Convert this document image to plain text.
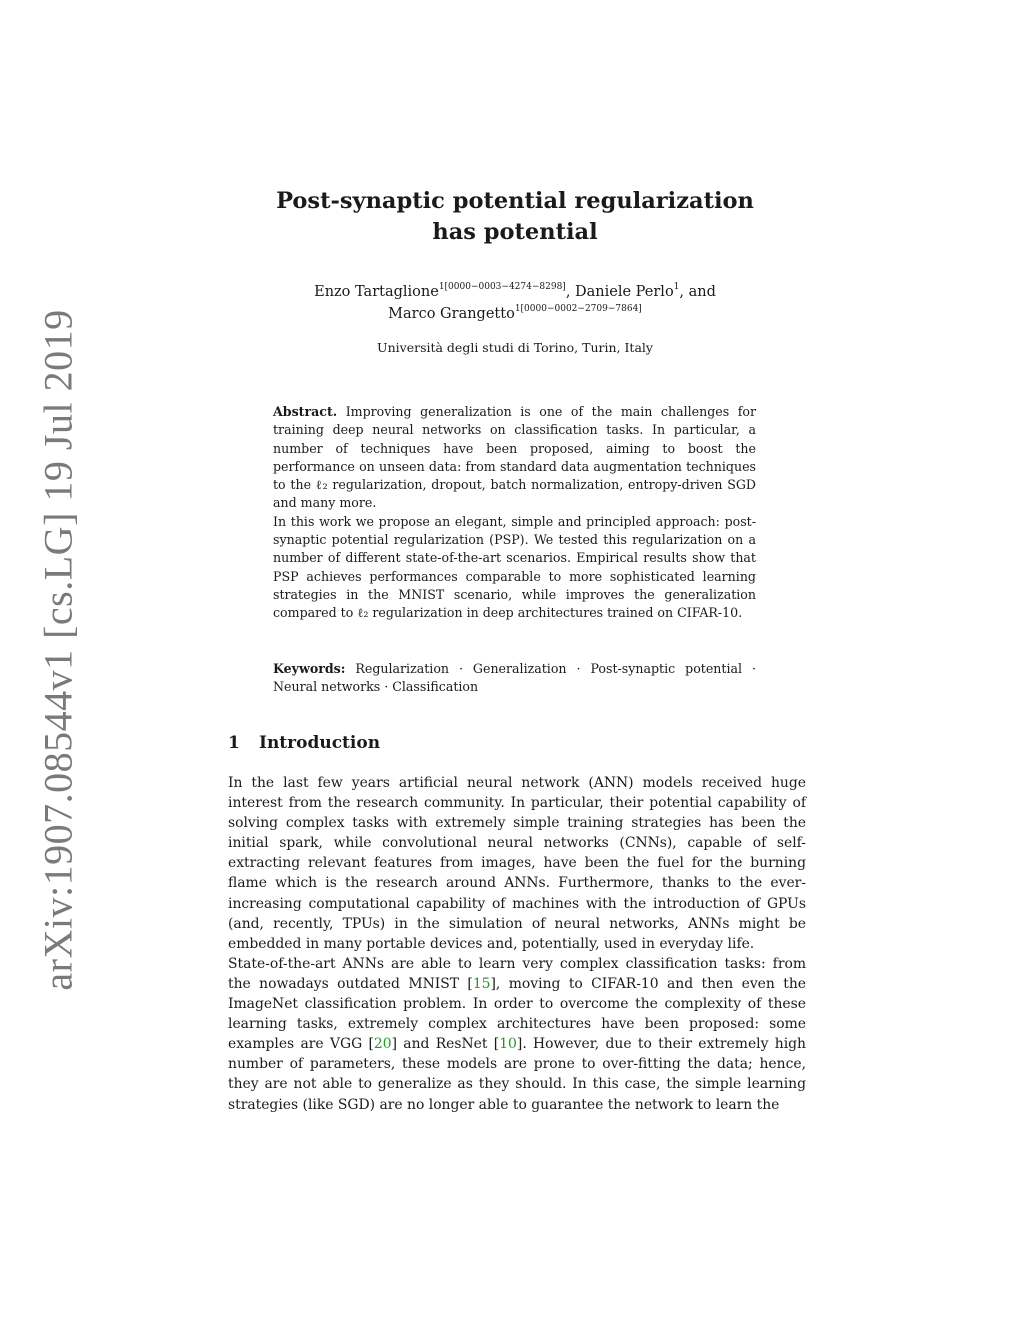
arXiv:1907.08544v1 [cs.LG] 19 Jul 2019
Post-synaptic potential regularization
has potential
Enzo Tartaglione$^{1[0000-0003-4274-8298]}$, Daniele Perlo$^1$, and
Marco Grangetto$^{1[0000-0002-2709-7864]}$
Università degli studi di Torino, Turin, Italy

Abstract. Improving generalization is one of the main challenges for training deep neural networks on classification tasks. In particular, a number of techniques have been proposed, aiming to boost the performance on unseen data: from standard data augmentation techniques to the ℓ₂ regularization, dropout, batch normalization, entropy-driven SGD and many more.

In this work we propose an elegant, simple and principled approach: post-synaptic potential regularization (PSP). We tested this regularization on a number of different state-of-the-art scenarios. Empirical results show that PSP achieves performances comparable to more sophisticated learning strategies in the MNIST scenario, while improves the generalization compared to ℓ₂ regularization in deep architectures trained on CIFAR-10.

Keywords: Regularization · Generalization · Post-synaptic potential · Neural networks · Classification
1 Introduction

In the last few years artificial neural network (ANN) models received huge interest from the research community. In particular, their potential capability of solving complex tasks with extremely simple training strategies has been the initial spark, while convolutional neural networks (CNNs), capable of self-extracting relevant features from images, have been the fuel for the burning flame which is the research around ANNs. Furthermore, thanks to the ever-increasing computational capability of machines with the introduction of GPUs (and, recently, TPUs) in the simulation of neural networks, ANNs might be embedded in many portable devices and, potentially, used in everyday life.

State-of-the-art ANNs are able to learn very complex classification tasks: from the nowadays outdated MNIST [15], moving to CIFAR-10 and then even the ImageNet classification problem. In order to overcome the complexity of these learning tasks, extremely complex architectures have been proposed: some examples are VGG [20] and ResNet [10]. However, due to their extremely high number of parameters, these models are prone to over-fitting the data; hence, they are not able to generalize as they should. In this case, the simple learning strategies (like SGD) are no longer able to guarantee the network to learn the
